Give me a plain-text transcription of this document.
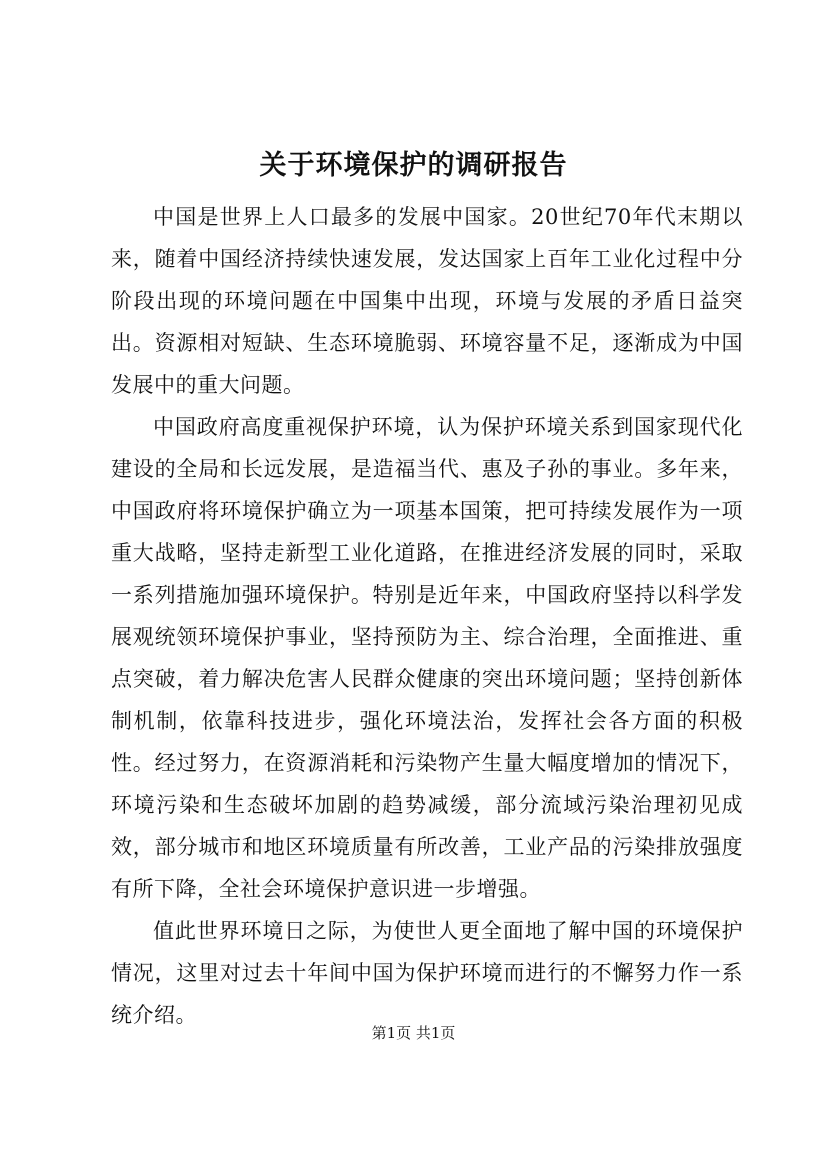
关于环境保护的调研报告

中国是世界上人口最多的发展中国家。20世纪70年代末期以来，随着中国经济持续快速发展，发达国家上百年工业化过程中分阶段出现的环境问题在中国集中出现，环境与发展的矛盾日益突出。资源相对短缺、生态环境脆弱、环境容量不足，逐渐成为中国发展中的重大问题。

中国政府高度重视保护环境，认为保护环境关系到国家现代化建设的全局和长远发展，是造福当代、惠及子孙的事业。多年来，中国政府将环境保护确立为一项基本国策，把可持续发展作为一项重大战略，坚持走新型工业化道路，在推进经济发展的同时，采取一系列措施加强环境保护。特别是近年来，中国政府坚持以科学发展观统领环境保护事业，坚持预防为主、综合治理，全面推进、重点突破，着力解决危害人民群众健康的突出环境问题；坚持创新体制机制，依靠科技进步，强化环境法治，发挥社会各方面的积极性。经过努力，在资源消耗和污染物产生量大幅度增加的情况下，环境污染和生态破坏加剧的趋势减缓，部分流域污染治理初见成效，部分城市和地区环境质量有所改善，工业产品的污染排放强度有所下降，全社会环境保护意识进一步增强。

值此世界环境日之际，为使世人更全面地了解中国的环境保护情况，这里对过去十年间中国为保护环境而进行的不懈努力作一系统介绍。

第1页 共1页
